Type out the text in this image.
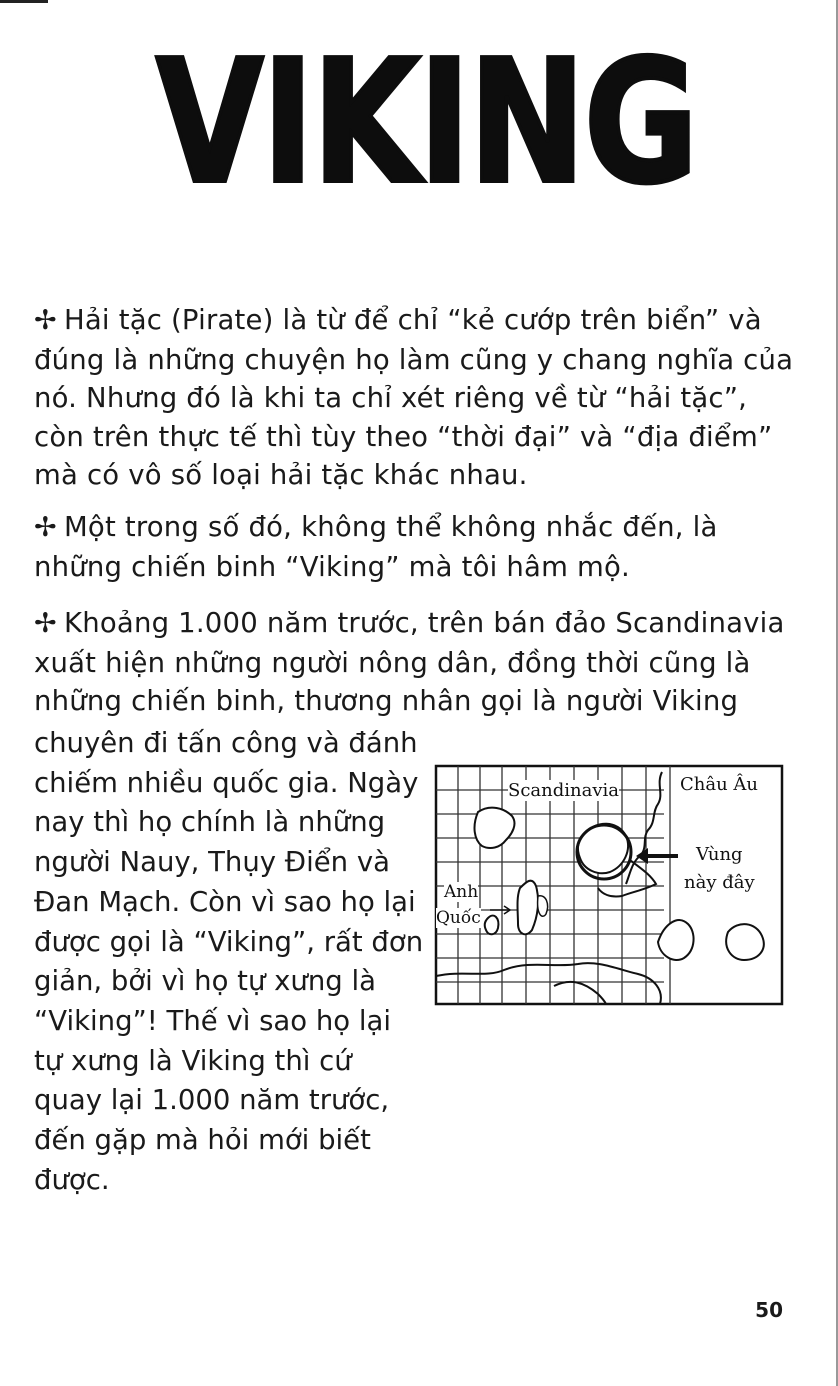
VIKING
✢ Hải tặc (Pirate) là từ để chỉ “kẻ cướp trên biển” và đúng là những chuyện họ làm cũng y chang nghĩa của nó. Nhưng đó là khi ta chỉ xét riêng về từ “hải tặc”, còn trên thực tế thì tùy theo “thời đại” và “địa điểm” mà có vô số loại hải tặc khác nhau.
✢ Một trong số đó, không thể không nhắc đến, là những chiến binh “Viking” mà tôi hâm mộ.
✢ Khoảng 1.000 năm trước, trên bán đảo Scandinavia xuất hiện những người nông dân, đồng thời cũng là những chiến binh, thương nhân gọi là người Viking
chuyên đi tấn công và đánh chiếm nhiều quốc gia. Ngày nay thì họ chính là những người Nauy, Thụy Điển và Đan Mạch. Còn vì sao họ lại được gọi là “Viking”, rất đơn giản, bởi vì họ tự xưng là “Viking”! Thế vì sao họ lại tự xưng là Viking thì cứ quay lại 1.000 năm trước, đến gặp mà hỏi mới biết được.
Scandinavia	Châu Âu
Vùng
này đây
Anh
Quốc
50
